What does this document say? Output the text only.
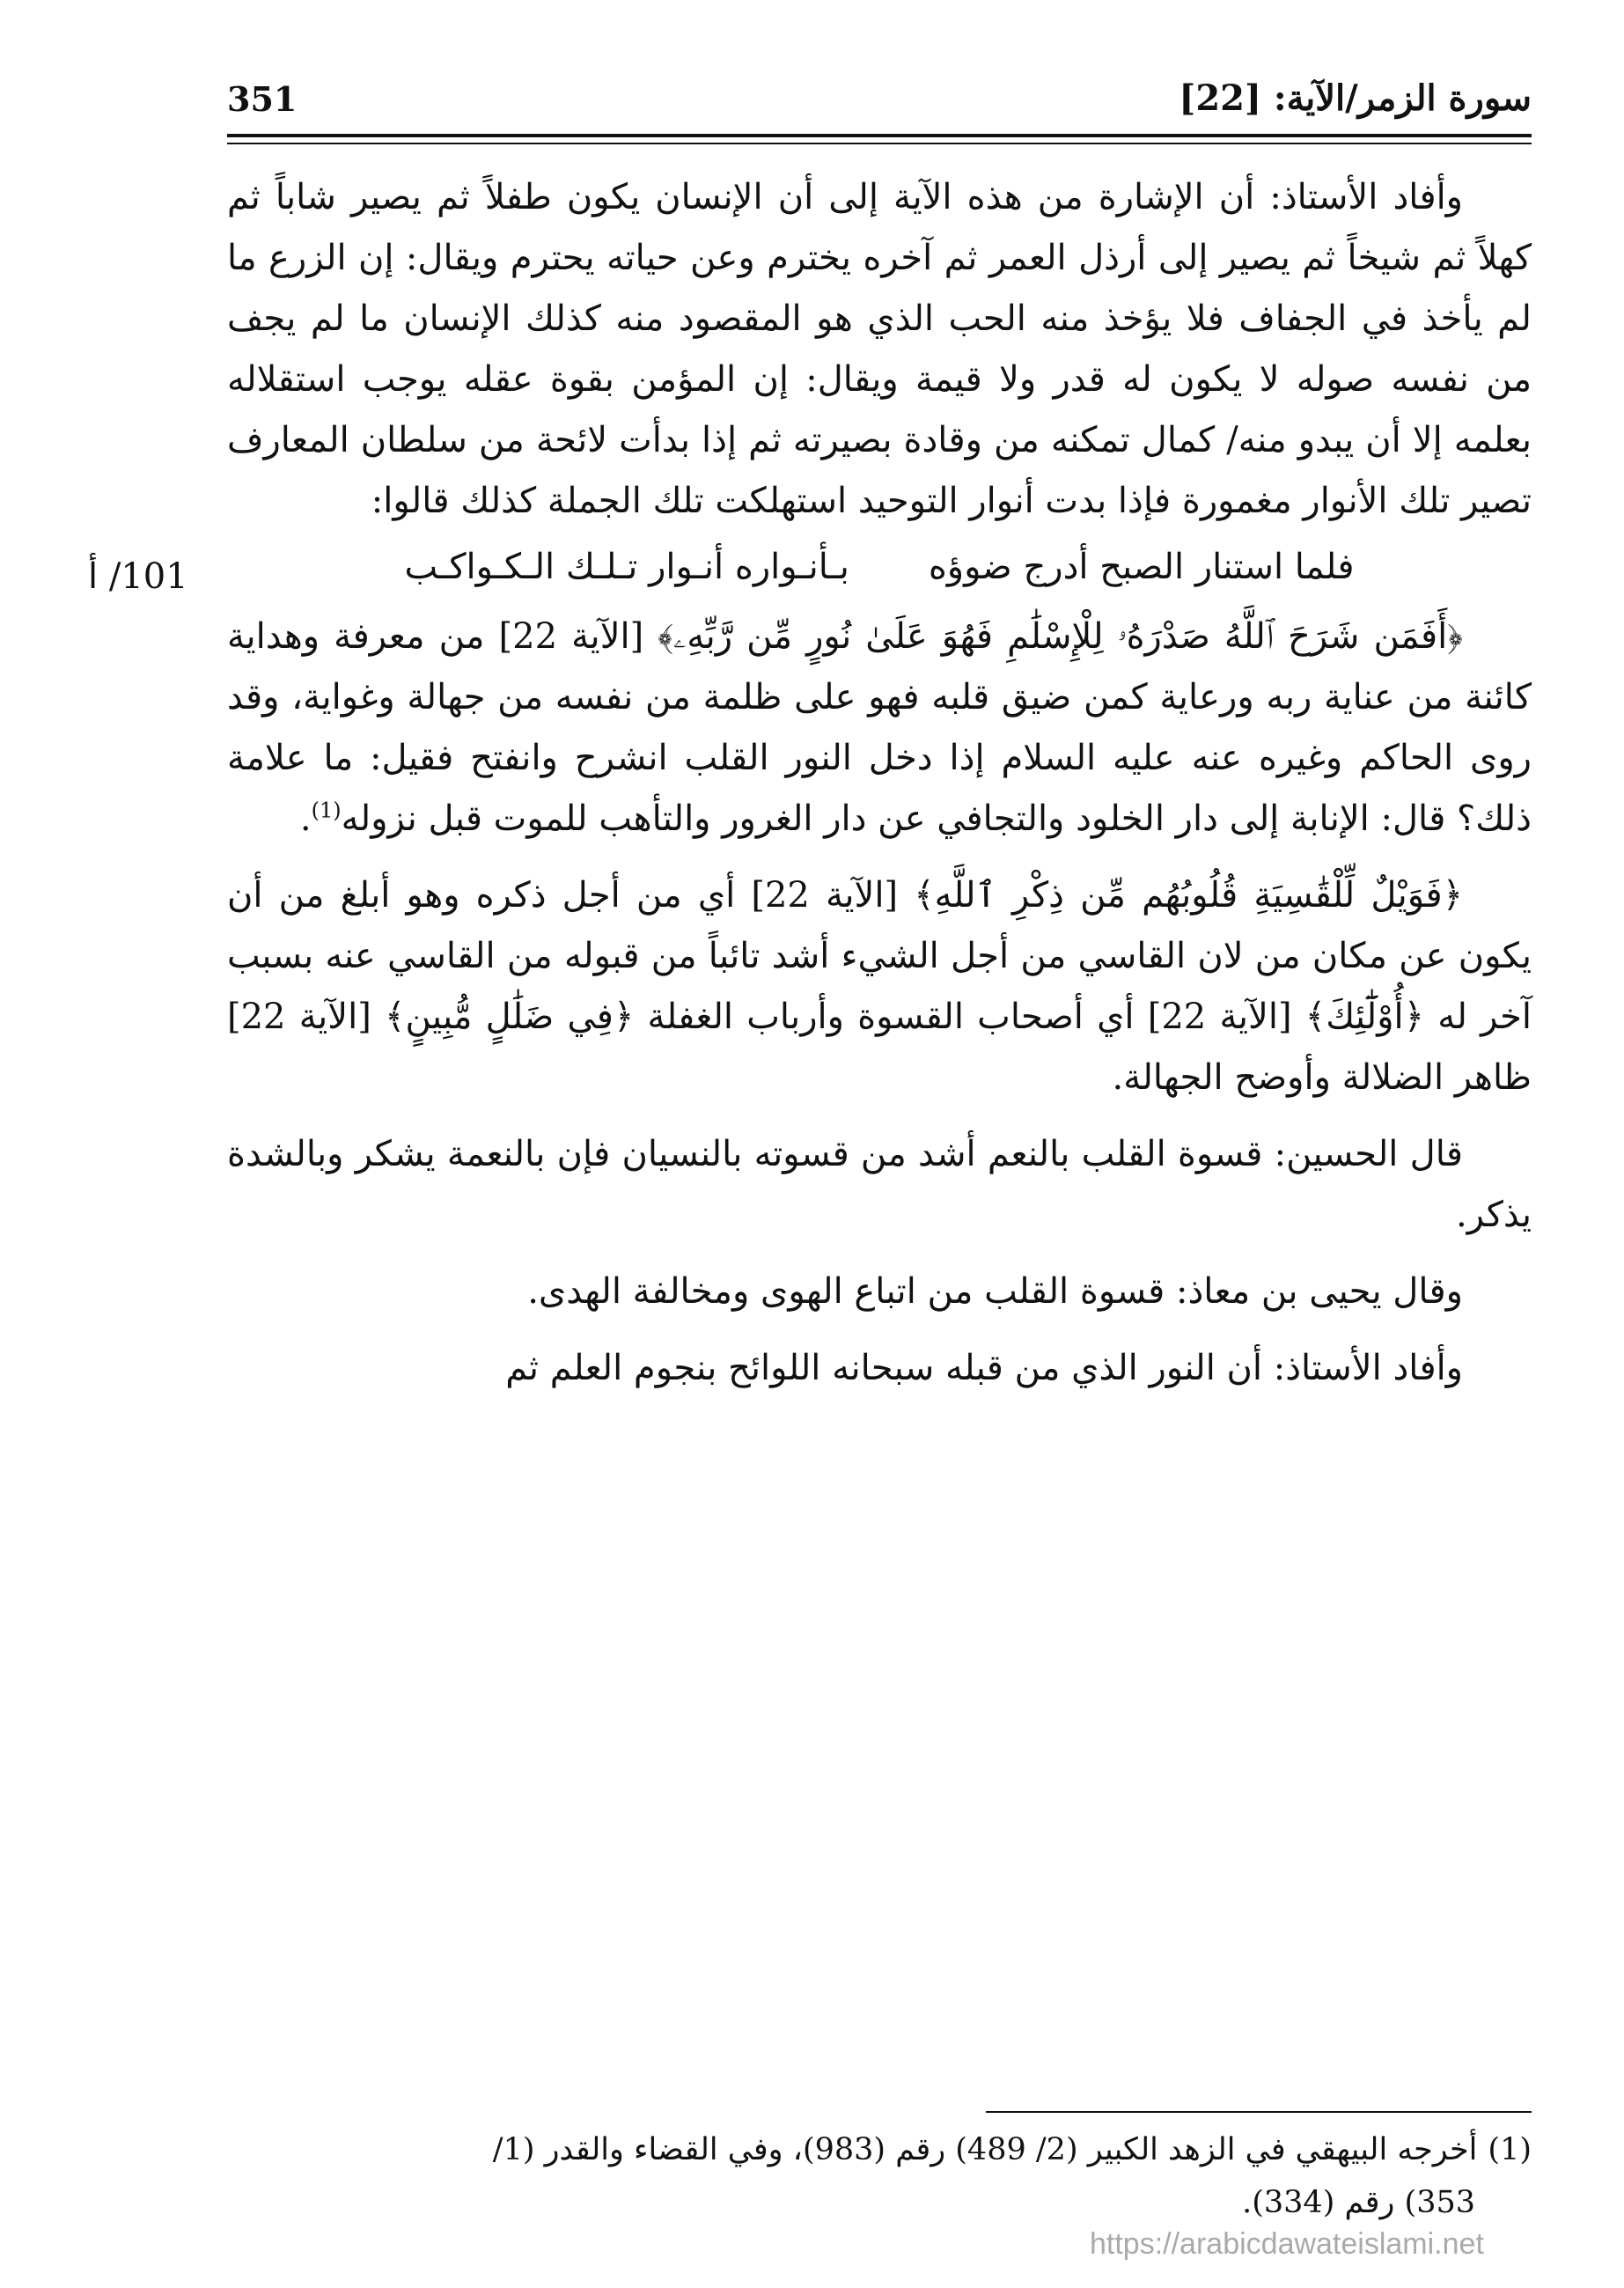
سورة الزمر/الآية: [22]
351
101/ أ

وأفاد الأستاذ: أن الإشارة من هذه الآية إلى أن الإنسان يكون طفلاً ثم يصير شاباً ثم كهلاً ثم شيخاً ثم يصير إلى أرذل العمر ثم آخره يخترم وعن حياته يحترم ويقال: إن الزرع ما لم يأخذ في الجفاف فلا يؤخذ منه الحب الذي هو المقصود منه كذلك الإنسان ما لم يجف من نفسه صوله لا يكون له قدر ولا قيمة ويقال: إن المؤمن بقوة عقله يوجب استقلاله بعلمه إلا أن يبدو منه/ كمال تمكنه من وقادة بصيرته ثم إذا بدأت لائحة من سلطان المعارف تصير تلك الأنوار مغمورة فإذا بدت أنوار التوحيد استهلكت تلك الجملة كذلك قالوا:

فلما استنار الصبح أدرج ضوؤه
بـأنـواره أنـوار تـلـك الـكـواكـب

﴿أَفَمَن شَرَحَ ٱللَّهُ صَدْرَهُۥ لِلْإِسْلَٰمِ فَهُوَ عَلَىٰ نُورٍ مِّن رَّبِّهِۦ﴾ [الآية 22] من معرفة وهداية كائنة من عناية ربه ورعاية كمن ضيق قلبه فهو على ظلمة من نفسه من جهالة وغواية، وقد روى الحاكم وغيره عنه عليه السلام إذا دخل النور القلب انشرح وانفتح فقيل: ما علامة ذلك؟ قال: الإنابة إلى دار الخلود والتجافي عن دار الغرور والتأهب للموت قبل نزوله$^{(1)}$.

﴿فَوَيْلٌ لِّلْقَٰسِيَةِ قُلُوبُهُم مِّن ذِكْرِ ٱللَّهِ﴾ [الآية 22] أي من أجل ذكره وهو أبلغ من أن يكون عن مكان من لان القاسي من أجل الشيء أشد تائباً من قبوله من القاسي عنه بسبب آخر له ﴿أُوْلَٰٓئِكَ﴾ [الآية 22] أي أصحاب القسوة وأرباب الغفلة ﴿فِي ضَلَٰلٍ مُّبِينٍ﴾ [الآية 22] ظاهر الضلالة وأوضح الجهالة.

قال الحسين: قسوة القلب بالنعم أشد من قسوته بالنسيان فإن بالنعمة يشكر وبالشدة يذكر.

وقال يحيى بن معاذ: قسوة القلب من اتباع الهوى ومخالفة الهدى.

وأفاد الأستاذ: أن النور الذي من قبله سبحانه اللوائح بنجوم العلم ثم

(1)أخرجه البيهقي في الزهد الكبير (2/ 489) رقم (983)، وفي القضاء والقدر (1/
353) رقم (334).
https://arabicdawateislami.net
